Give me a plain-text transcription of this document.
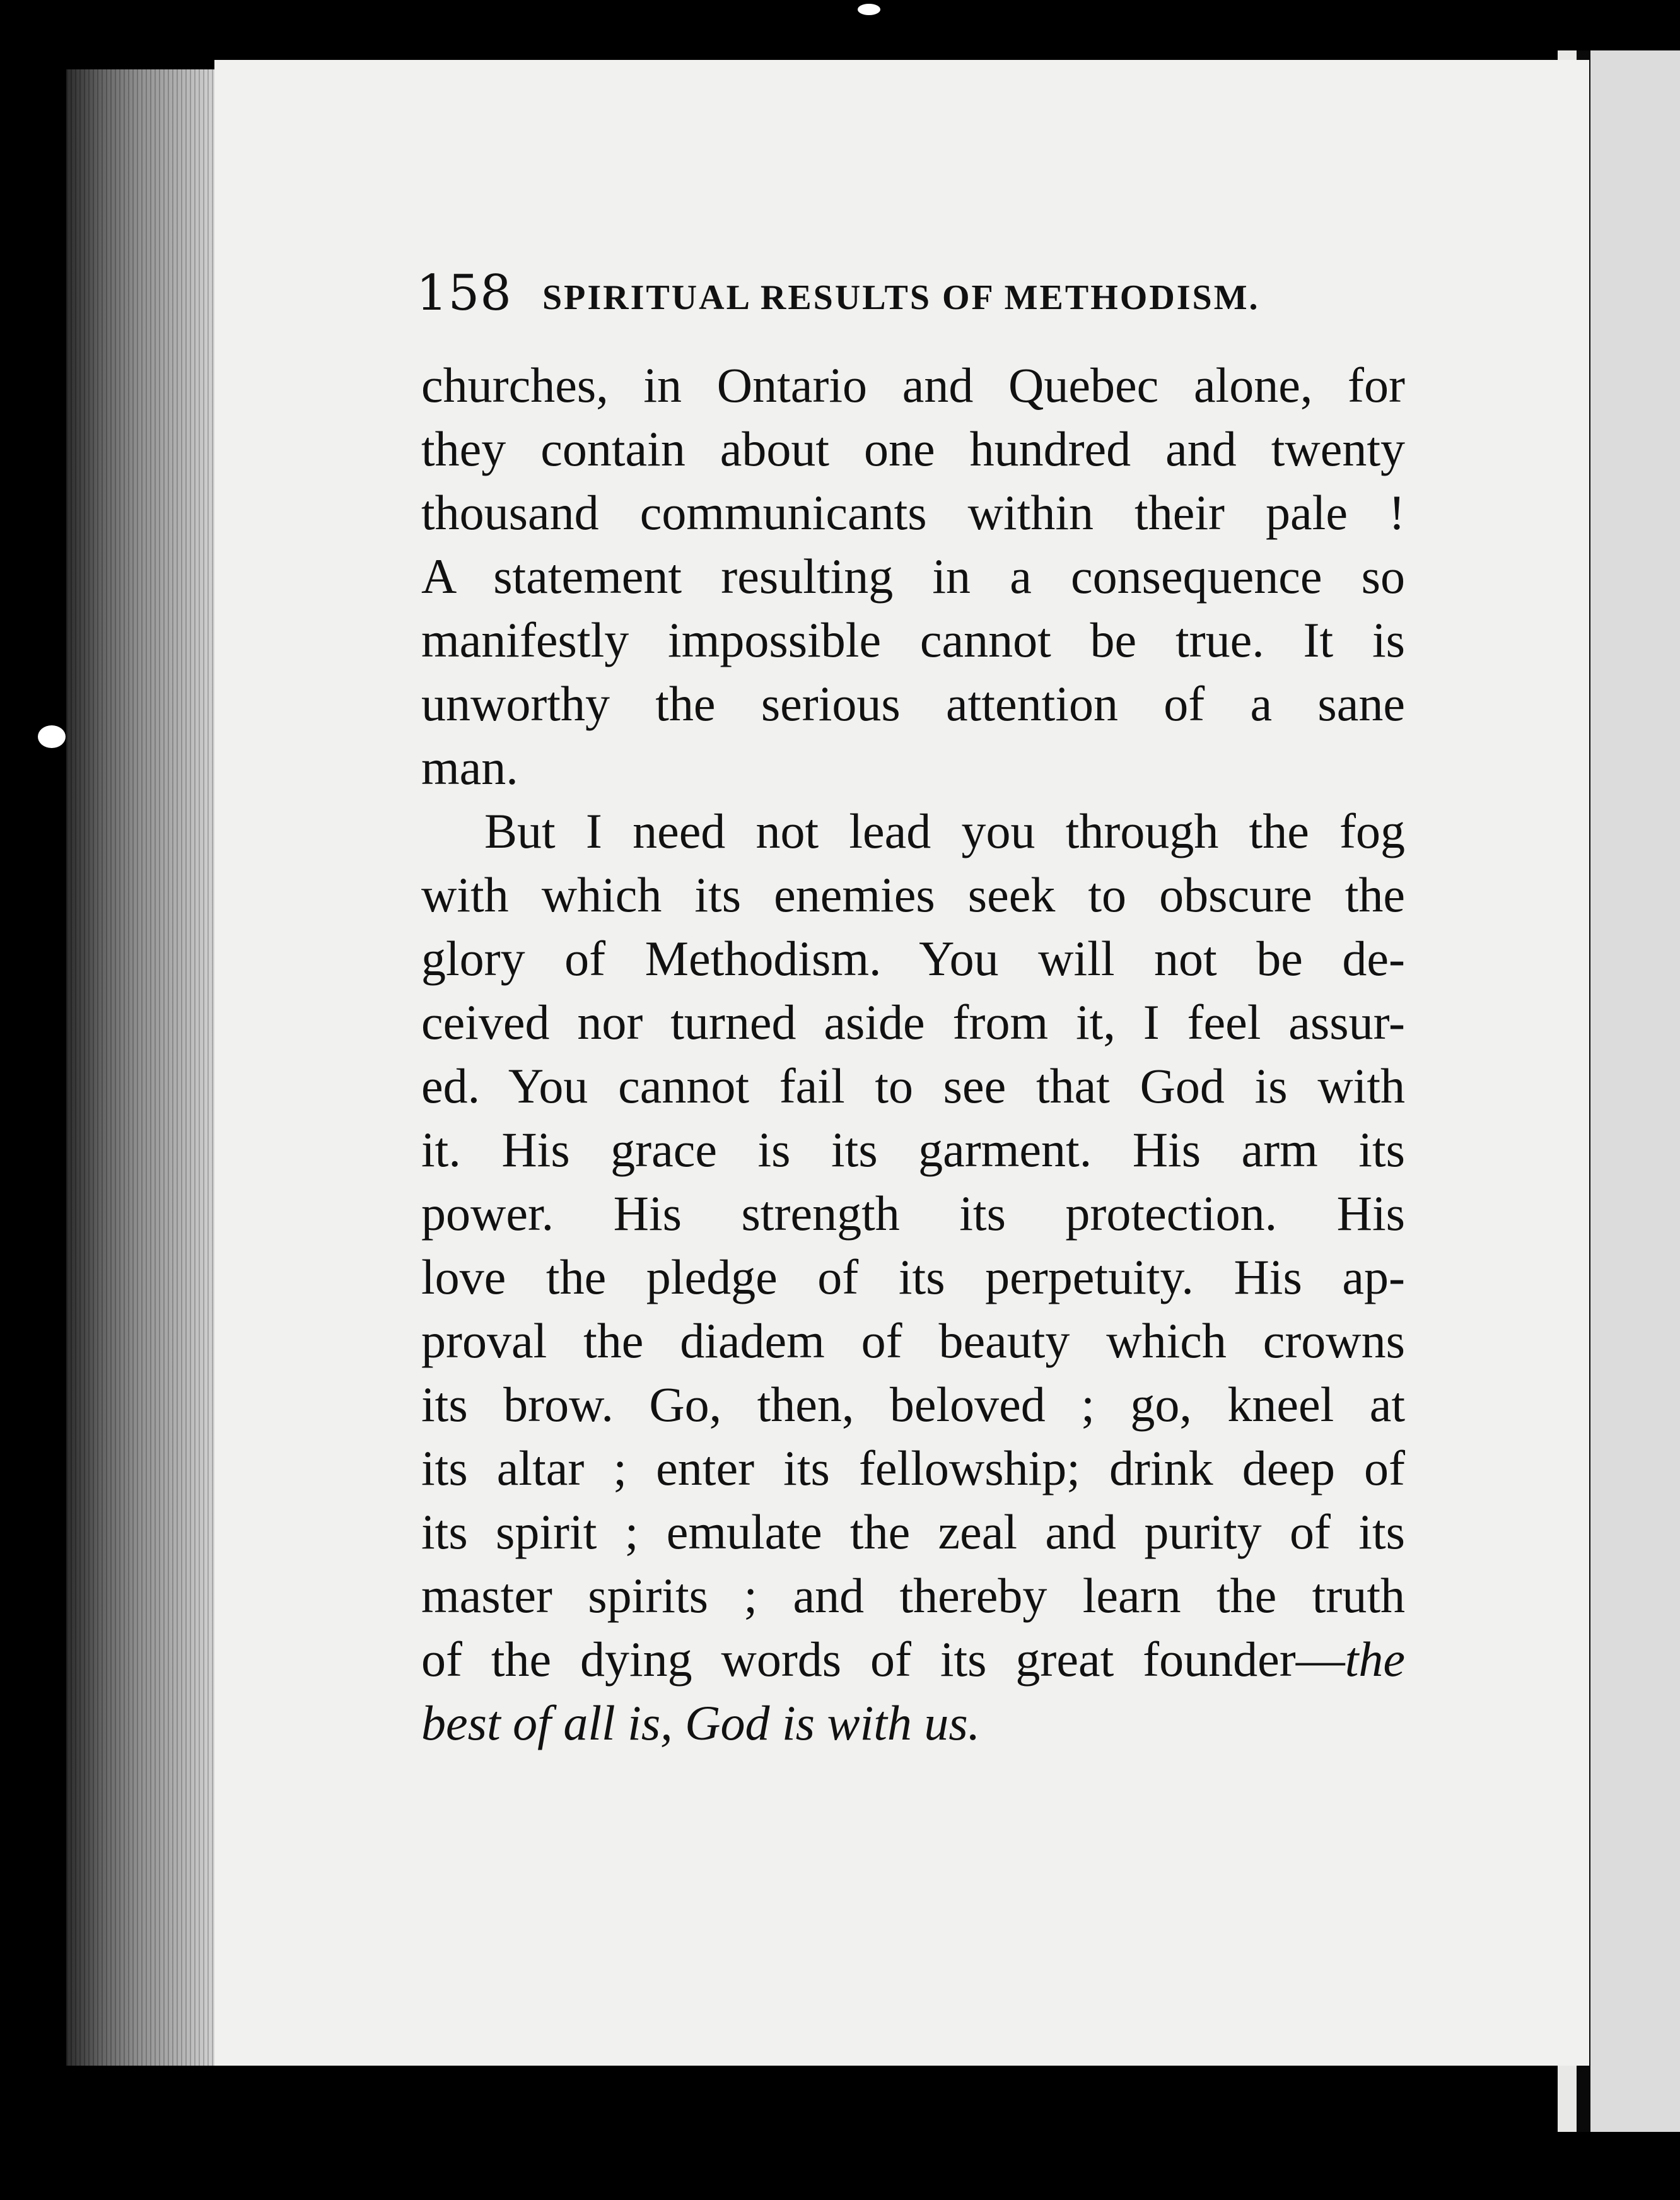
158 SPIRITUAL RESULTS OF METHODISM.

churches, in Ontario and Quebec alone, for
they contain about one hundred and twenty
thousand communicants within their pale !
A statement resulting in a consequence so
manifestly impossible cannot be true. It is
unworthy the serious attention of a sane
man.

But I need not lead you through the fog
with which its enemies seek to obscure the
glory of Methodism. You will not be de-
ceived nor turned aside from it, I feel assur-
ed. You cannot fail to see that God is with
it. His grace is its garment. His arm its
power. His strength its protection. His
love the pledge of its perpetuity. His ap-
proval the diadem of beauty which crowns
its brow. Go, then, beloved ; go, kneel at
its altar ; enter its fellowship; drink deep of
its spirit ; emulate the zeal and purity of its
master spirits ; and thereby learn the truth
of the dying words of its great founder—the
best of all is, God is with us.
